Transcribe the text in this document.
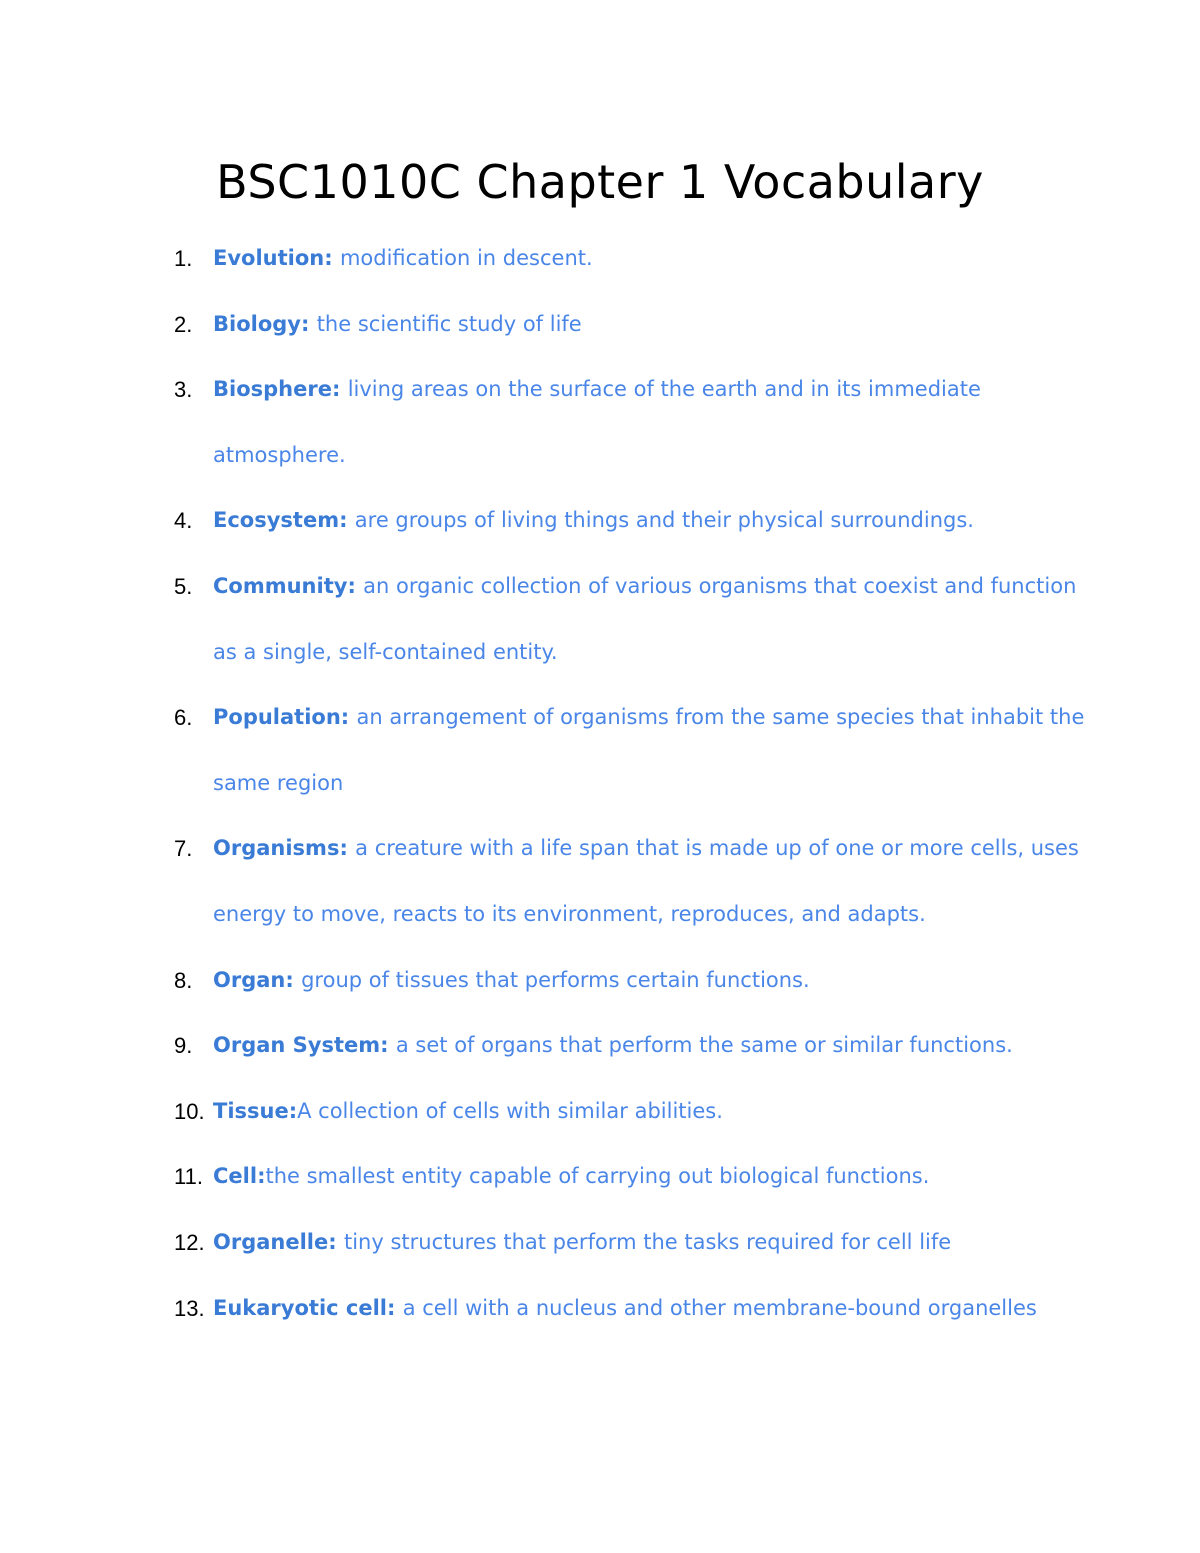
BSC1010C Chapter 1 Vocabulary
1. Evolution: modification in descent.
2. Biology: the scientific study of life
3. Biosphere: living areas on the surface of the earth and in its immediate atmosphere.
4. Ecosystem: are groups of living things and their physical surroundings.
5. Community: an organic collection of various organisms that coexist and function as a single, self-contained entity.
6. Population: an arrangement of organisms from the same species that inhabit the same region
7. Organisms: a creature with a life span that is made up of one or more cells, uses energy to move, reacts to its environment, reproduces, and adapts.
8. Organ: group of tissues that performs certain functions.
9. Organ System: a set of organs that perform the same or similar functions.
10. Tissue:A collection of cells with similar abilities.
11. Cell:the smallest entity capable of carrying out biological functions.
12. Organelle: tiny structures that perform the tasks required for cell life
13. Eukaryotic cell: a cell with a nucleus and other membrane-bound organelles
